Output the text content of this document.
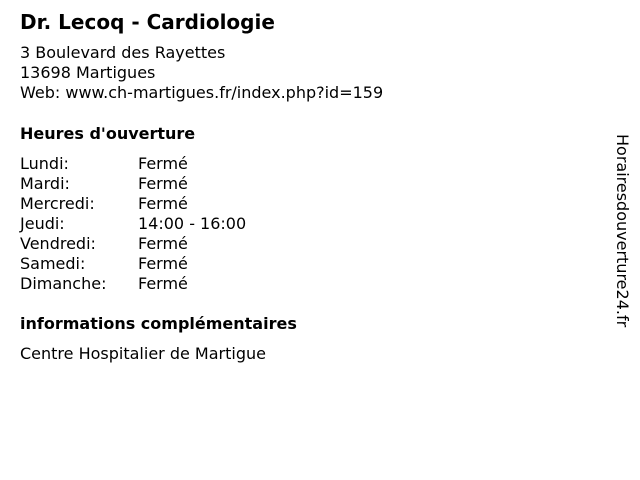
Dr. Lecoq - Cardiologie
3 Boulevard des Rayettes
13698 Martigues
Web: www.ch-martigues.fr/index.php?id=159
Heures d'ouverture
Lundi:	Fermé
Mardi:	Fermé
Mercredi:	Fermé
Jeudi:	14:00 - 16:00
Vendredi:	Fermé
Samedi:	Fermé
Dimanche: Fermé
informations complémentaires
Centre Hospitalier de Martigue
Horairesdouverture24.fr
